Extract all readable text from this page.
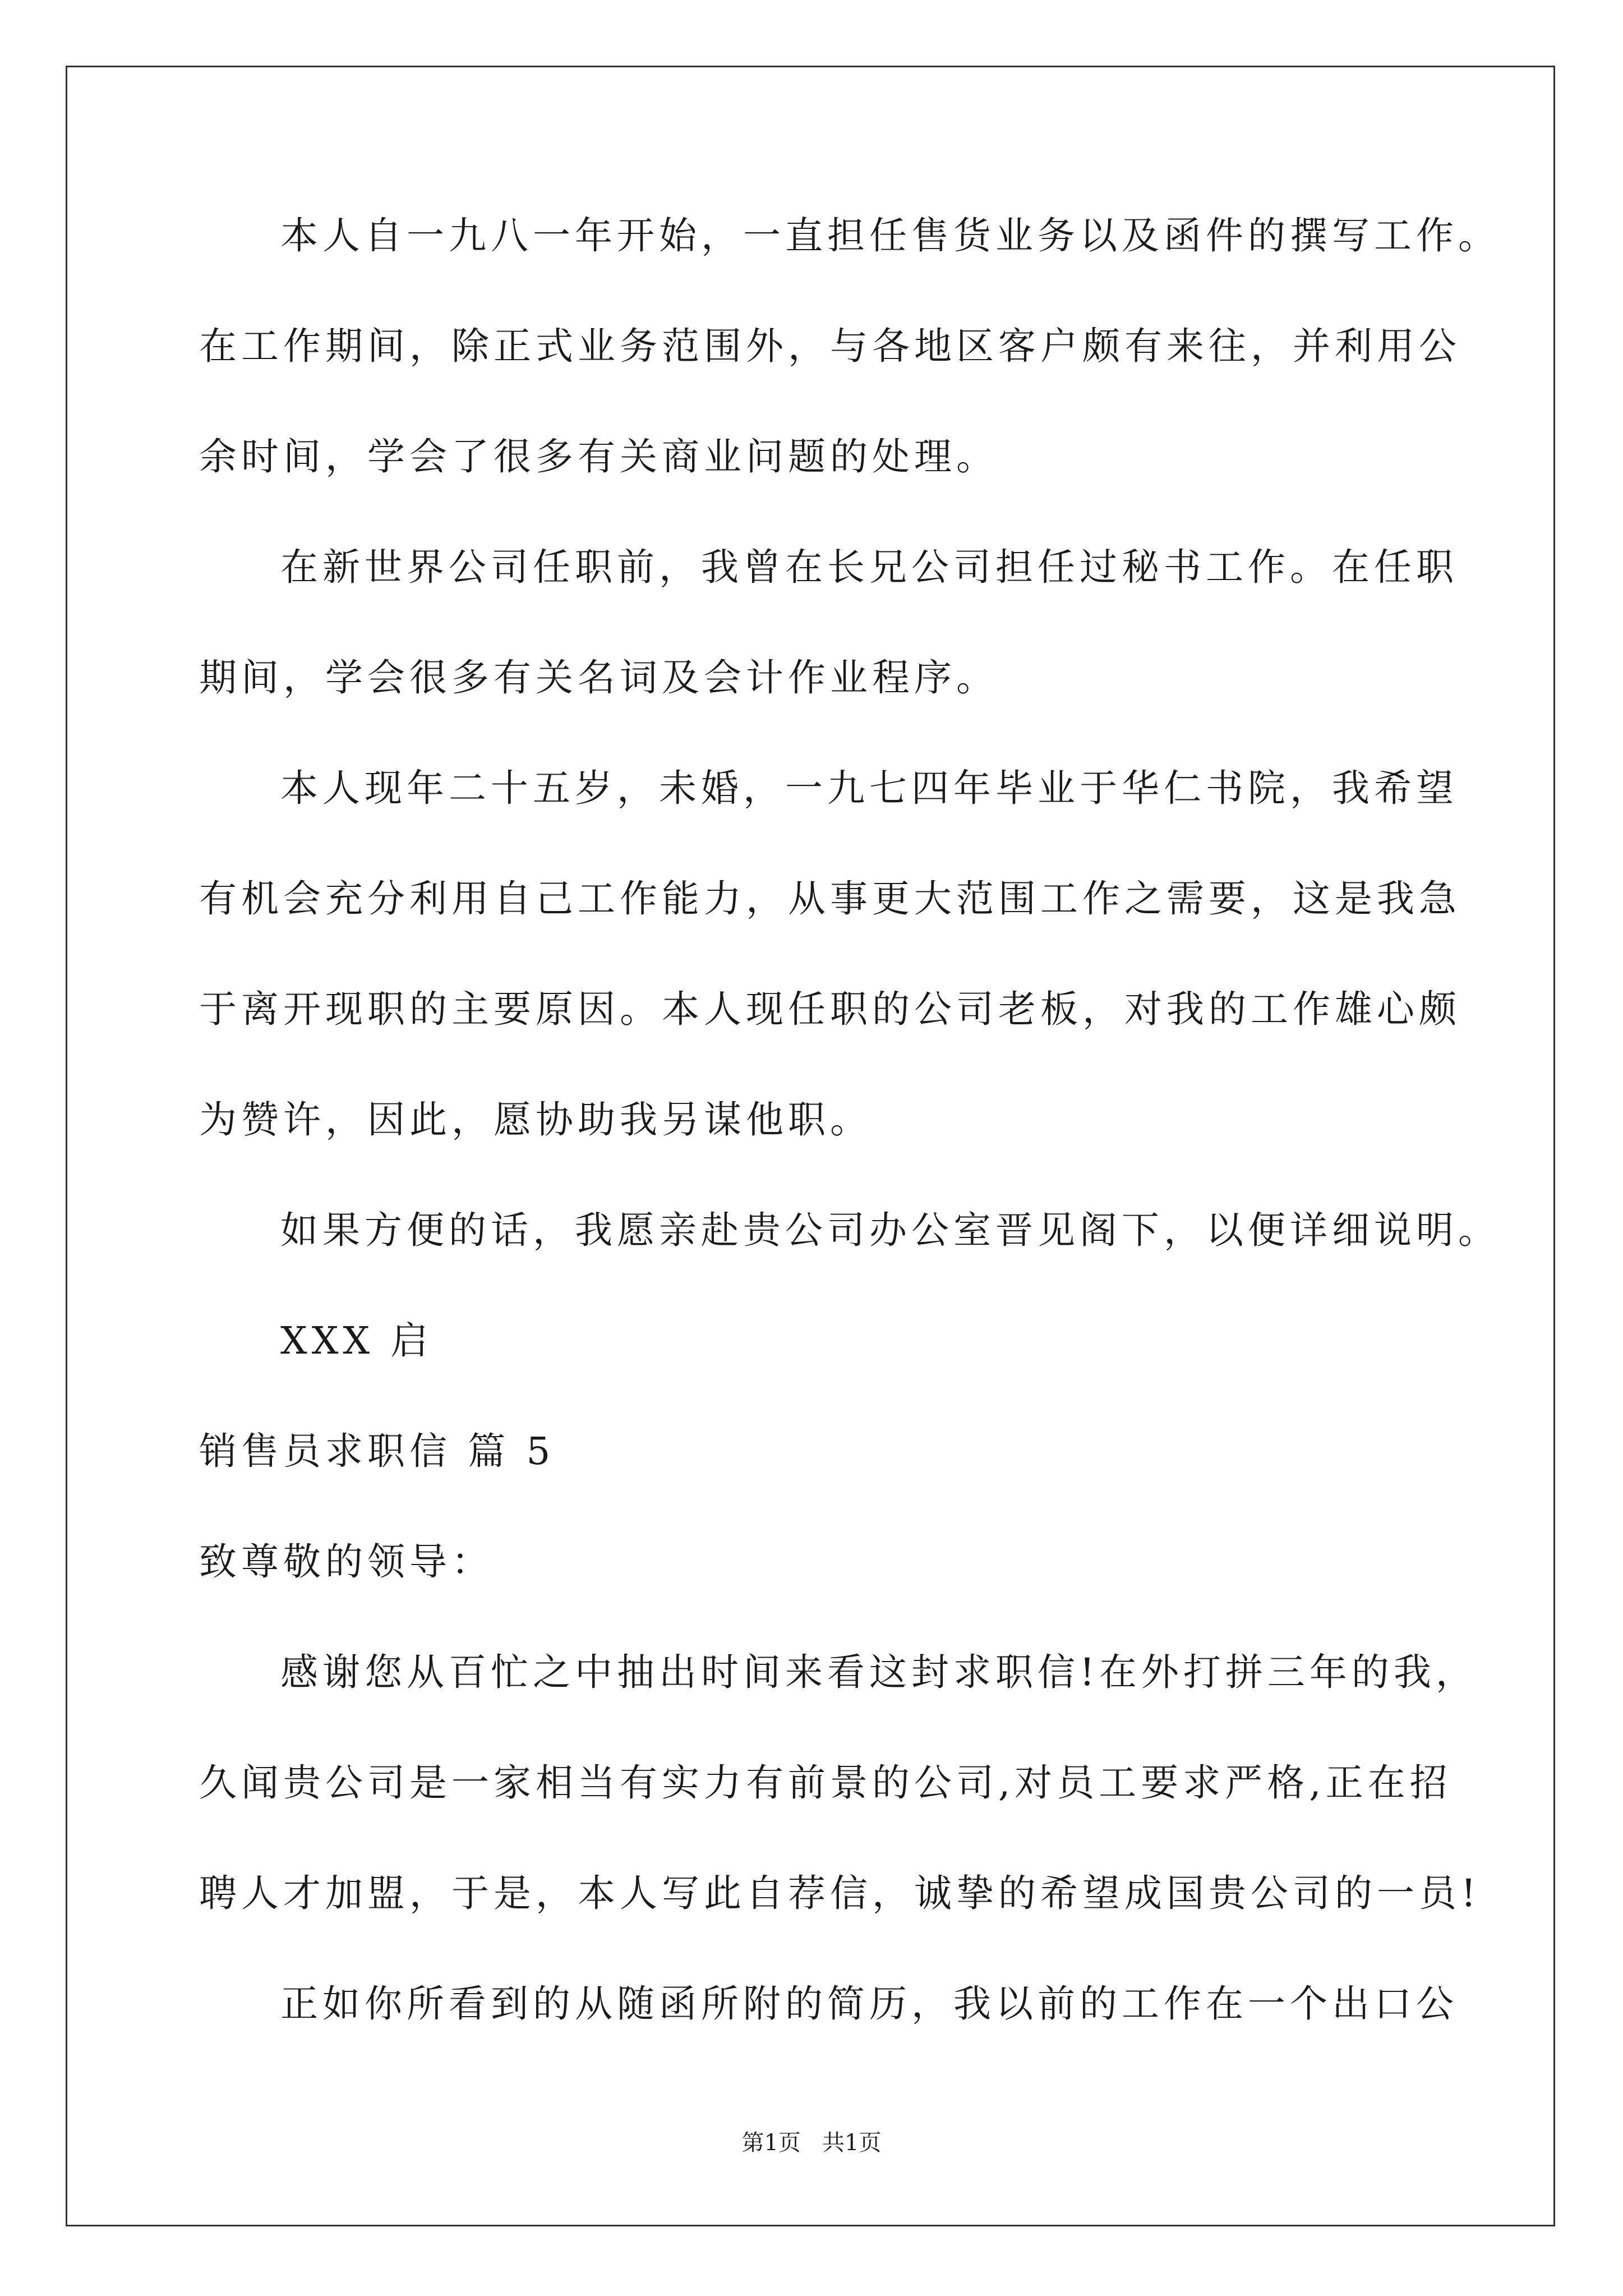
本人自一九八一年开始，一直担任售货业务以及函件的撰写工作。
在工作期间，除正式业务范围外，与各地区客户颇有来往，并利用公
余时间，学会了很多有关商业问题的处理。
在新世界公司任职前，我曾在长兄公司担任过秘书工作。在任职
期间，学会很多有关名词及会计作业程序。
本人现年二十五岁，未婚，一九七四年毕业于华仁书院，我希望
有机会充分利用自己工作能力，从事更大范围工作之需要，这是我急
于离开现职的主要原因。本人现任职的公司老板，对我的工作雄心颇
为赞许，因此，愿协助我另谋他职。
如果方便的话，我愿亲赴贵公司办公室晋见阁下，以便详细说明。
XXX 启
销售员求职信 篇 5
致尊敬的领导：
感谢您从百忙之中抽出时间来看这封求职信!在外打拼三年的我，
久闻贵公司是一家相当有实力有前景的公司,对员工要求严格,正在招
聘人才加盟，于是，本人写此自荐信，诚挚的希望成国贵公司的一员!
正如你所看到的从随函所附的简历，我以前的工作在一个出口公
第1页   共1页
